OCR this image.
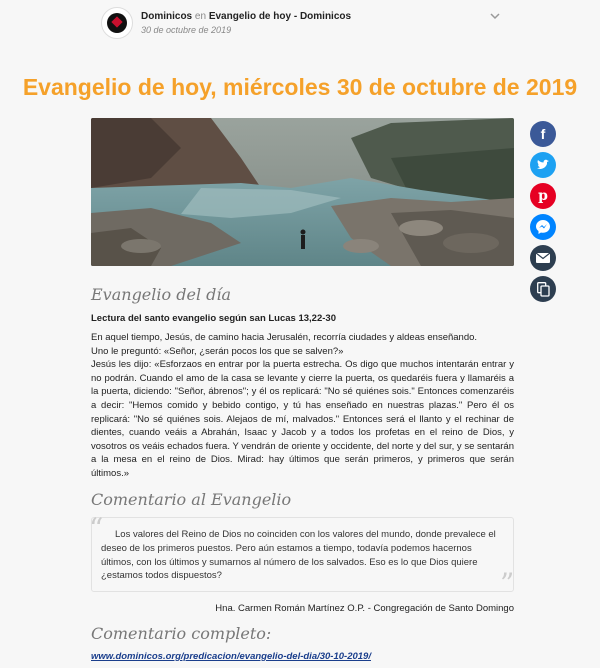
Dominicos en Evangelio de hoy - Dominicos
30 de octubre de 2019
Evangelio de hoy, miércoles 30 de octubre de 2019
f
p
Evangelio del día
Lectura del santo evangelio según san Lucas 13,22-30

En aquel tiempo, Jesús, de camino hacia Jerusalén, recorría ciudades y aldeas enseñando.

Uno le preguntó: «Señor, ¿serán pocos los que se salven?»

Jesús les dijo: «Esforzaos en entrar por la puerta estrecha. Os digo que muchos intentarán entrar y no podrán. Cuando el amo de la casa se levante y cierre la puerta, os quedaréis fuera y llamaréis a la puerta, diciendo: "Señor, ábrenos"; y él os replicará: "No sé quiénes sois." Entonces comenzaréis a decir: "Hemos comido y bebido contigo, y tú has enseñado en nuestras plazas." Pero él os replicará: "No sé quiénes sois. Alejaos de mí, malvados." Entonces será el llanto y el rechinar de dientes, cuando veáis a Abrahán, Isaac y Jacob y a todos los profetas en el reino de Dios, y vosotros os veáis echados fuera. Y vendrán de oriente y occidente, del norte y del sur, y se sentarán a la mesa en el reino de Dios. Mirad: hay últimos que serán primeros, y primeros que serán últimos.»

Comentario al Evangelio
“	Los valores del Reino de Dios no coinciden con los valores del mundo, donde prevalece el deseo de los primeros puestos. Pero aún estamos a tiempo, todavía podemos hacernos últimos, con los últimos y sumarnos al número de los salvados. Eso es lo que Dios quiere ¿estamos todos dispuestos?	”
Hna. Carmen Román Martínez O.P. - Congregación de Santo Domingo
Comentario completo:
www.dominicos.org/predicacion/evangelio-del-dia/30-10-2019/
